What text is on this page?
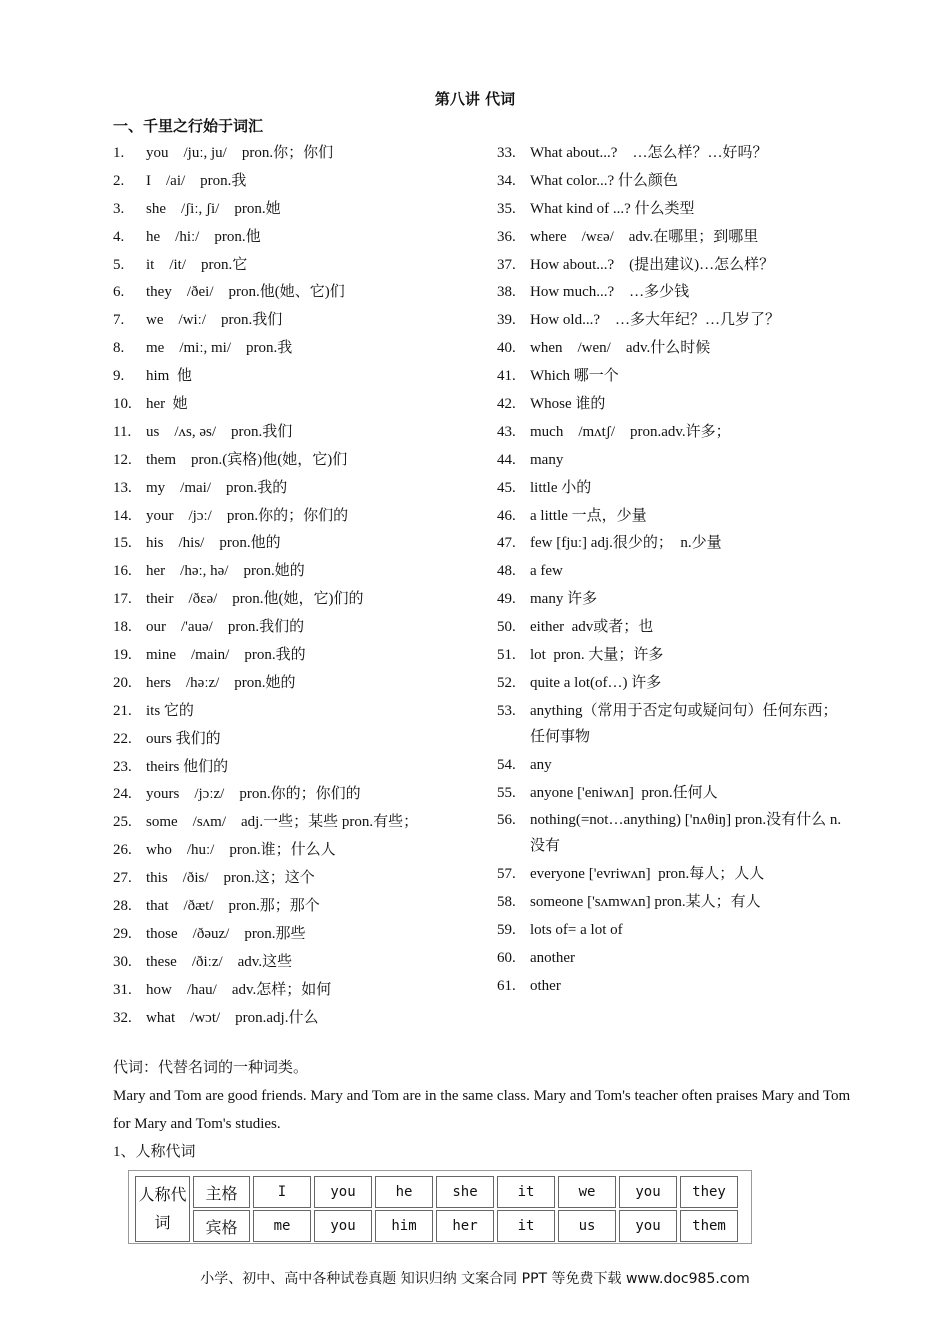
第八讲 代词
一、千里之行始于词汇
1. you    /juː, ju/    pron.你；你们
2. I    /ai/    pron.我
3. she    /ʃiː, ʃi/    pron.她
4. he    /hiː/    pron.他
5. it    /it/    pron.它
6. they    /ðei/    pron.他(她、它)们
7. we    /wiː/    pron.我们
8. me    /miː, mi/    pron.我
9. him  他
10. her  她
11. us    /ʌs, əs/    pron.我们
12. them    pron.(宾格)他(她，它)们
13. my    /mai/    pron.我的
14. your    /jɔː/    pron.你的；你们的
15. his    /his/    pron.他的
16. her    /həː, hə/    pron.她的
17. their    /ðɛə/    pron.他(她，它)们的
18. our    /'auə/    pron.我们的
19. mine    /main/    pron.我的
20. hers    /həːz/    pron.她的
21. its 它的
22. ours 我们的
23. theirs 他们的
24. yours    /jɔːz/    pron.你的；你们的
25. some    /sʌm/    adj.一些；某些 pron.有些；
26. who    /huː/    pron.谁；什么人
27. this    /ðis/    pron.这；这个
28. that    /ðæt/    pron.那；那个
29. those    /ðəuz/    pron.那些
30. these    /ðiːz/    adv.这些
31. how    /hau/    adv.怎样；如何
32. what    /wɔt/    pron.adj.什么
33. What about...?    …怎么样？…好吗？
34. What color...? 什么颜色
35. What kind of ...? 什么类型
36. where    /wɛə/    adv.在哪里；到哪里
37. How about...?    (提出建议)…怎么样？
38. How much...?    …多少钱
39. How old...?    …多大年纪？…几岁了？
40. when    /wen/    adv.什么时候
41. Which 哪一个
42. Whose 谁的
43. much    /mʌtʃ/    pron.adv.许多；
44. many
45. little 小的
46. a little 一点，少量
47. few [fjuː] adj.很少的；  n.少量
48. a few
49. many 许多
50. either  adv或者；也
51. lot  pron. 大量；许多
52. quite a lot(of…) 许多
53. anything（常用于否定句或疑问句）任何东西；任何事物
54. any
55. anyone ['eniwʌn]  pron.任何人
56. nothing(=not…anything) ['nʌθiŋ] pron.没有什么 n.没有
57. everyone ['evriwʌn]  pron.每人；人人
58. someone ['sʌmwʌn] pron.某人；有人
59. lots of= a lot of
60. another
61. other

代词：代替名词的一种词类。

Mary and Tom are good friends. Mary and Tom are in the same class. Mary and Tom's teacher often praises Mary and Tom for Mary and Tom's studies.

1、人称代词

人称代
词	主格	I	you	he	she	it	we	you	they
	宾格	me	you	him	her	it	us	you	them
小学、初中、高中各种试卷真题 知识归纳 文案合同 PPT 等免费下载 www.doc985.com
